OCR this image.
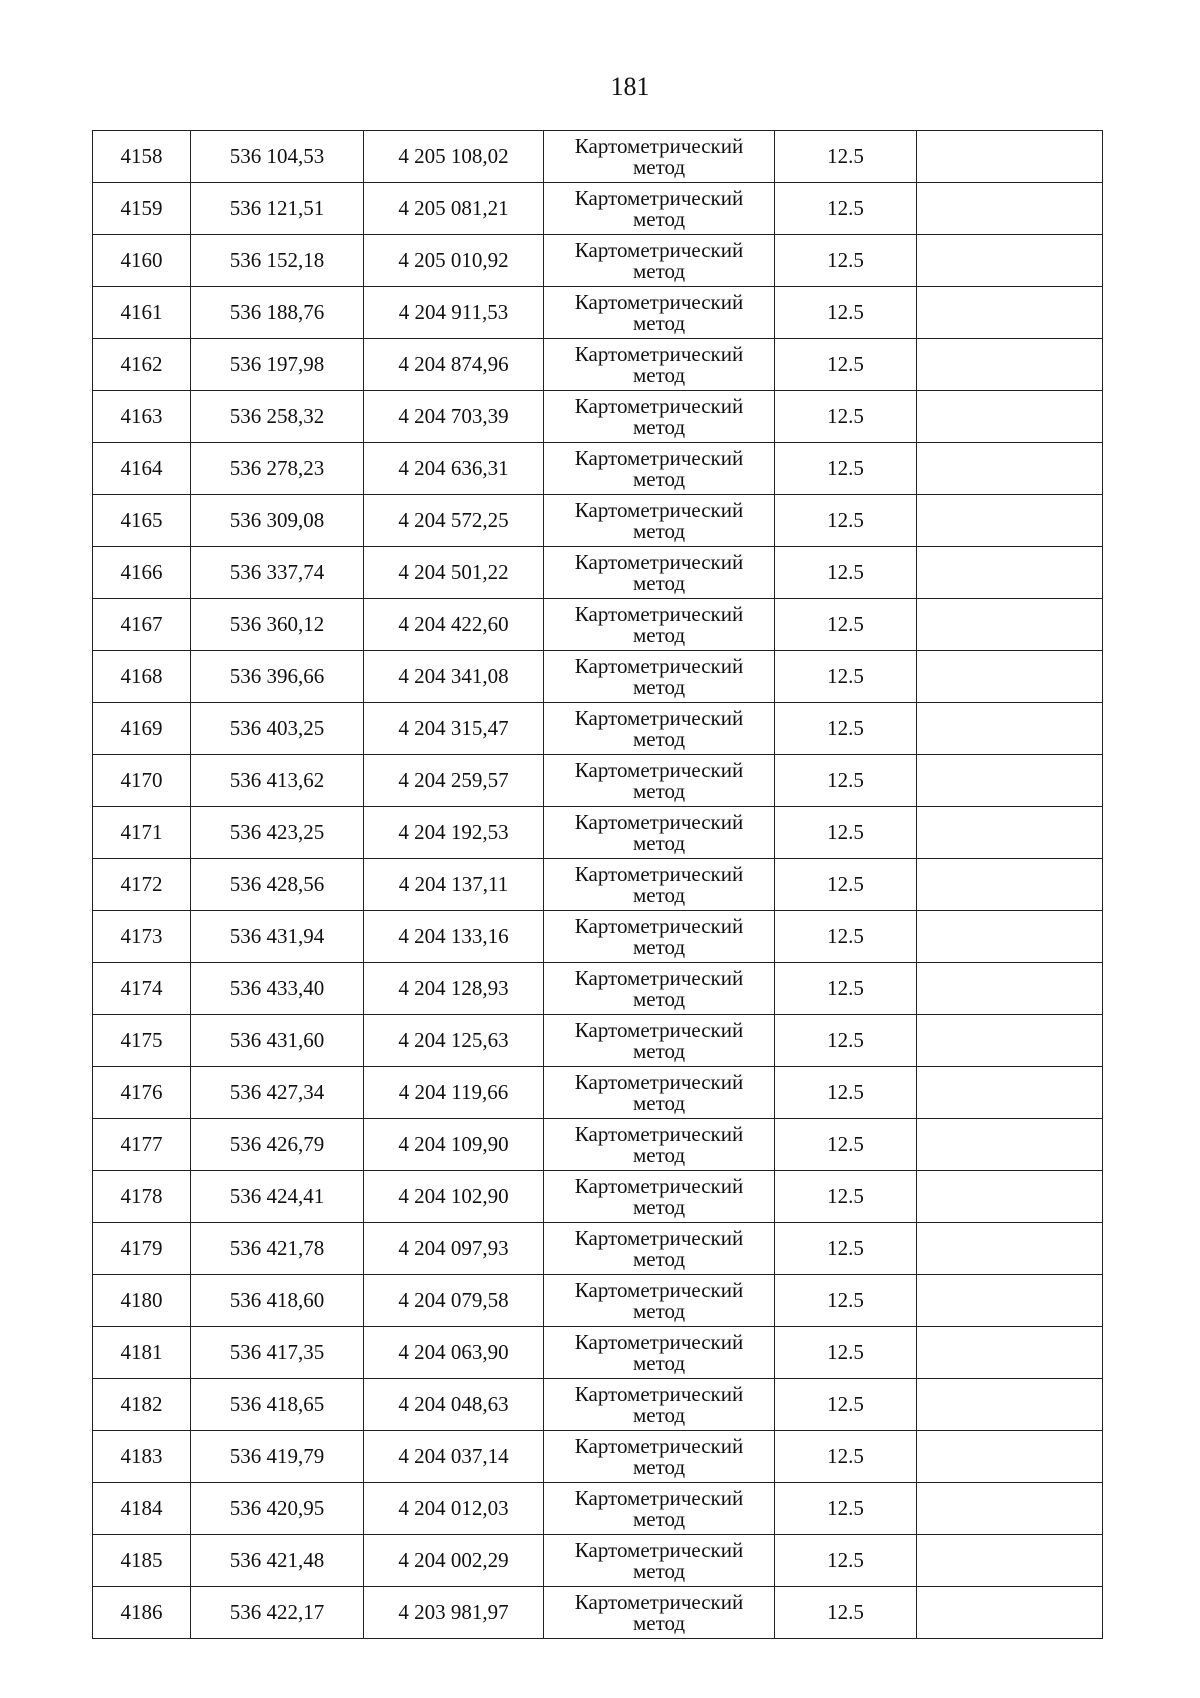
181
4158	536 104,53	4 205 108,02	Картометрический
метод	12.5	
4159	536 121,51	4 205 081,21	Картометрический
метод	12.5	
4160	536 152,18	4 205 010,92	Картометрический
метод	12.5	
4161	536 188,76	4 204 911,53	Картометрический
метод	12.5	
4162	536 197,98	4 204 874,96	Картометрический
метод	12.5	
4163	536 258,32	4 204 703,39	Картометрический
метод	12.5	
4164	536 278,23	4 204 636,31	Картометрический
метод	12.5	
4165	536 309,08	4 204 572,25	Картометрический
метод	12.5	
4166	536 337,74	4 204 501,22	Картометрический
метод	12.5	
4167	536 360,12	4 204 422,60	Картометрический
метод	12.5	
4168	536 396,66	4 204 341,08	Картометрический
метод	12.5	
4169	536 403,25	4 204 315,47	Картометрический
метод	12.5	
4170	536 413,62	4 204 259,57	Картометрический
метод	12.5	
4171	536 423,25	4 204 192,53	Картометрический
метод	12.5	
4172	536 428,56	4 204 137,11	Картометрический
метод	12.5	
4173	536 431,94	4 204 133,16	Картометрический
метод	12.5	
4174	536 433,40	4 204 128,93	Картометрический
метод	12.5	
4175	536 431,60	4 204 125,63	Картометрический
метод	12.5	
4176	536 427,34	4 204 119,66	Картометрический
метод	12.5	
4177	536 426,79	4 204 109,90	Картометрический
метод	12.5	
4178	536 424,41	4 204 102,90	Картометрический
метод	12.5	
4179	536 421,78	4 204 097,93	Картометрический
метод	12.5	
4180	536 418,60	4 204 079,58	Картометрический
метод	12.5	
4181	536 417,35	4 204 063,90	Картометрический
метод	12.5	
4182	536 418,65	4 204 048,63	Картометрический
метод	12.5	
4183	536 419,79	4 204 037,14	Картометрический
метод	12.5	
4184	536 420,95	4 204 012,03	Картометрический
метод	12.5	
4185	536 421,48	4 204 002,29	Картометрический
метод	12.5	
4186	536 422,17	4 203 981,97	Картометрический
метод	12.5	
